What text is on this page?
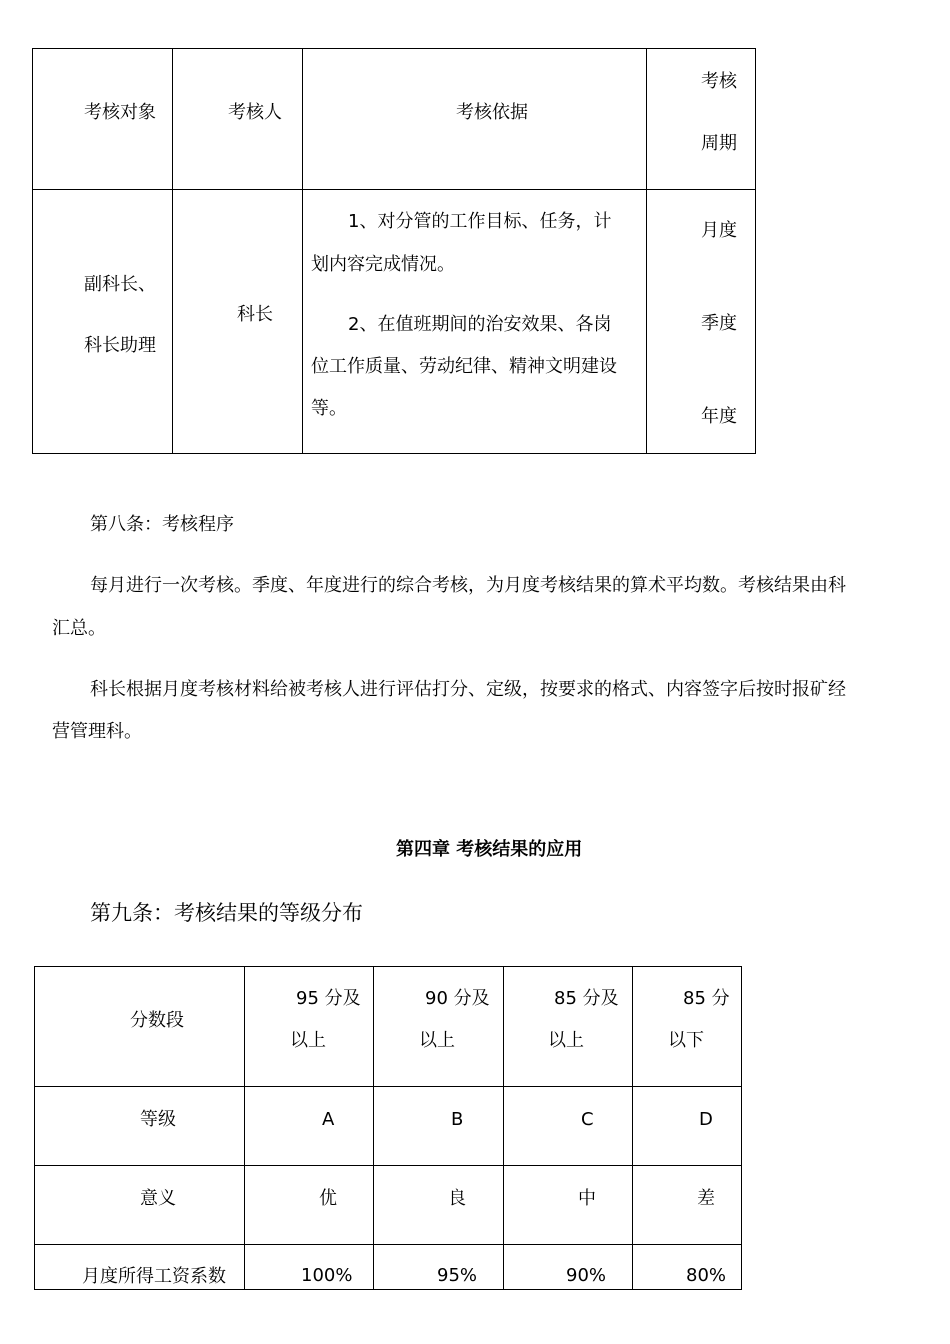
考核对象	考核人	考核依据
考核
周期
副科长、
科长助理
科长
1、对分管的工作目标、任务，计
划内容完成情况。
2、在值班期间的治安效果、各岗
位工作质量、劳动纪律、精神文明建设
等。
月度
季度
年度
第八条：考核程序
每月进行一次考核。季度、年度进行的综合考核，为月度考核结果的算术平均数。考核结果由科
汇总。
科长根据月度考核材料给被考核人进行评估打分、定级，按要求的格式、内容签字后按时报矿经
营管理科。
第四章 考核结果的应用
第九条：考核结果的等级分布
分数段
等级
意义
月度所得工资系数
95 分及
以上
A
优
100%
90 分及
以上
B
良
95%
85 分及
以上
C
中
90%
85 分
以下
D
差
80%
